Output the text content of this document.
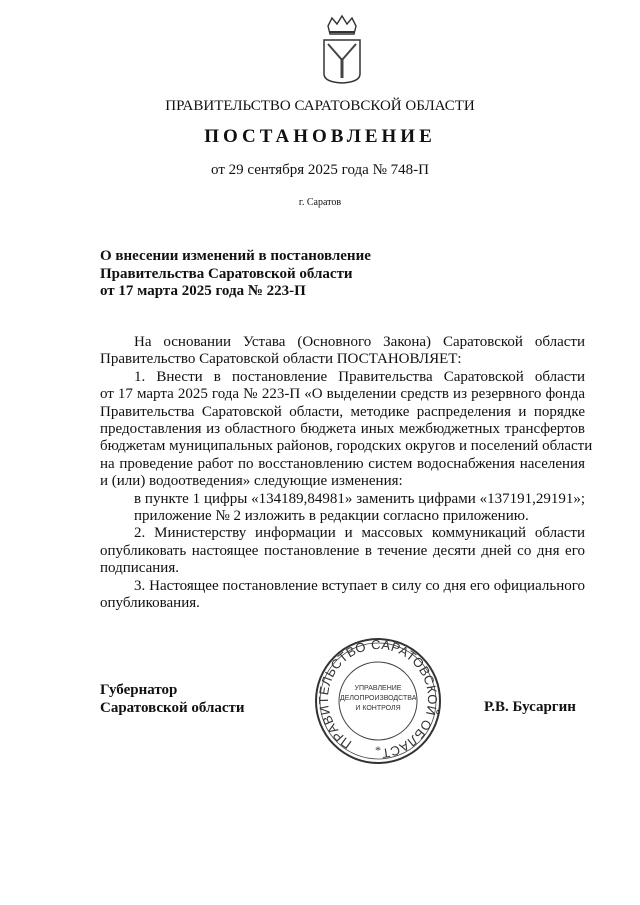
ПРАВИТЕЛЬСТВО САРАТОВСКОЙ ОБЛАСТИ
ПОСТАНОВЛЕНИЕ
от 29 сентября 2025 года № 748-П
г. Саратов
О внесении изменений в постановление
Правительства Саратовской области
от 17 марта 2025 года № 223-П
На основании Устава (Основного Закона) Саратовской области
Правительство Саратовской области ПОСТАНОВЛЯЕТ:
1. Внести в постановление Правительства Саратовской области
от 17 марта 2025 года № 223-П «О выделении средств из резервного фонда
Правительства Саратовской области, методике распределения и порядке
предоставления из областного бюджета иных межбюджетных трансфертов
бюджетам муниципальных районов, городских округов и поселений области
на проведение работ по восстановлению систем водоснабжения населения
и (или) водоотведения» следующие изменения:
в пункте 1 цифры «134189,84981» заменить цифрами «137191,29191»;
приложение № 2 изложить в редакции согласно приложению.
2. Министерству информации и массовых коммуникаций области
опубликовать настоящее постановление в течение десяти дней со дня его
подписания.
3. Настоящее постановление вступает в силу со дня его официального
опубликования.
Губернатор
Саратовской области	Р.В. Бусаргин
ПРАВИТЕЛЬСТВО САРАТОВСКОЙ ОБЛАСТ
*
УПРАВЛЕНИЕ ДЕЛОПРОИЗВОДСТВА И КОНТРОЛЯ
